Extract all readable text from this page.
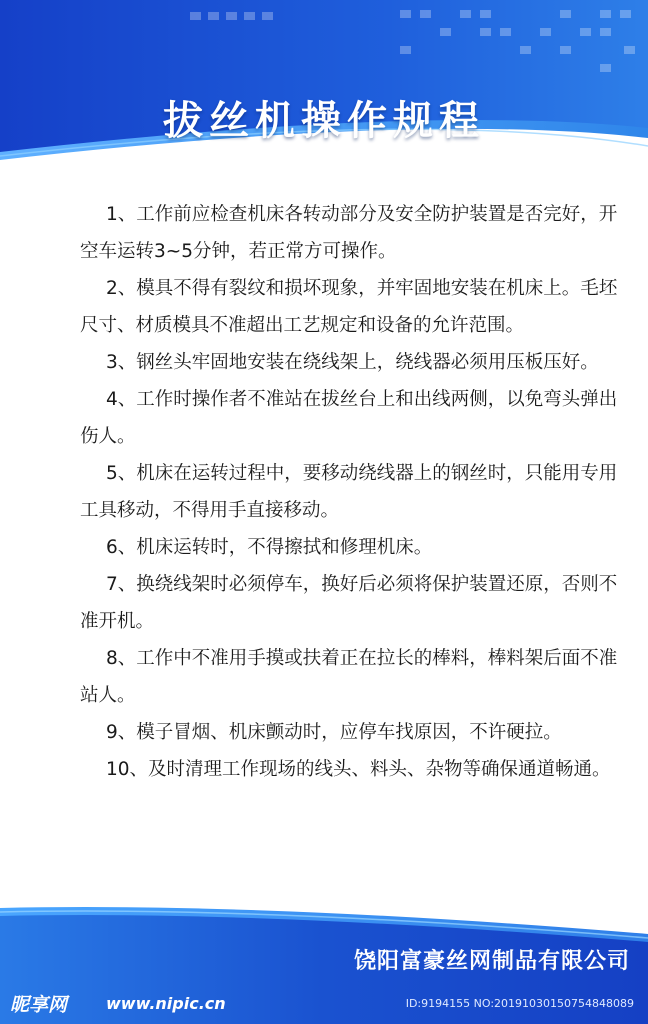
拔丝机操作规程

1、工作前应检查机床各转动部分及安全防护装置是否完好，开空车运转3~5分钟，若正常方可操作。

2、模具不得有裂纹和损坏现象，并牢固地安装在机床上。毛坯尺寸、材质模具不准超出工艺规定和设备的允许范围。

3、钢丝头牢固地安装在绕线架上，绕线器必须用压板压好。

4、工作时操作者不准站在拔丝台上和出线两侧，以免弯头弹出伤人。

5、机床在运转过程中，要移动绕线器上的钢丝时，只能用专用工具移动，不得用手直接移动。

6、机床运转时，不得擦拭和修理机床。

7、换绕线架时必须停车，换好后必须将保护装置还原，否则不准开机。

8、工作中不准用手摸或扶着正在拉长的棒料，棒料架后面不准站人。

9、模子冒烟、机床颤动时，应停车找原因，不许硬拉。

10、及时清理工作现场的线头、料头、杂物等确保通道畅通。

饶阳富豪丝网制品有限公司
昵享网 www.nipic.cn	ID:9194155 NO:20191030150754848089
